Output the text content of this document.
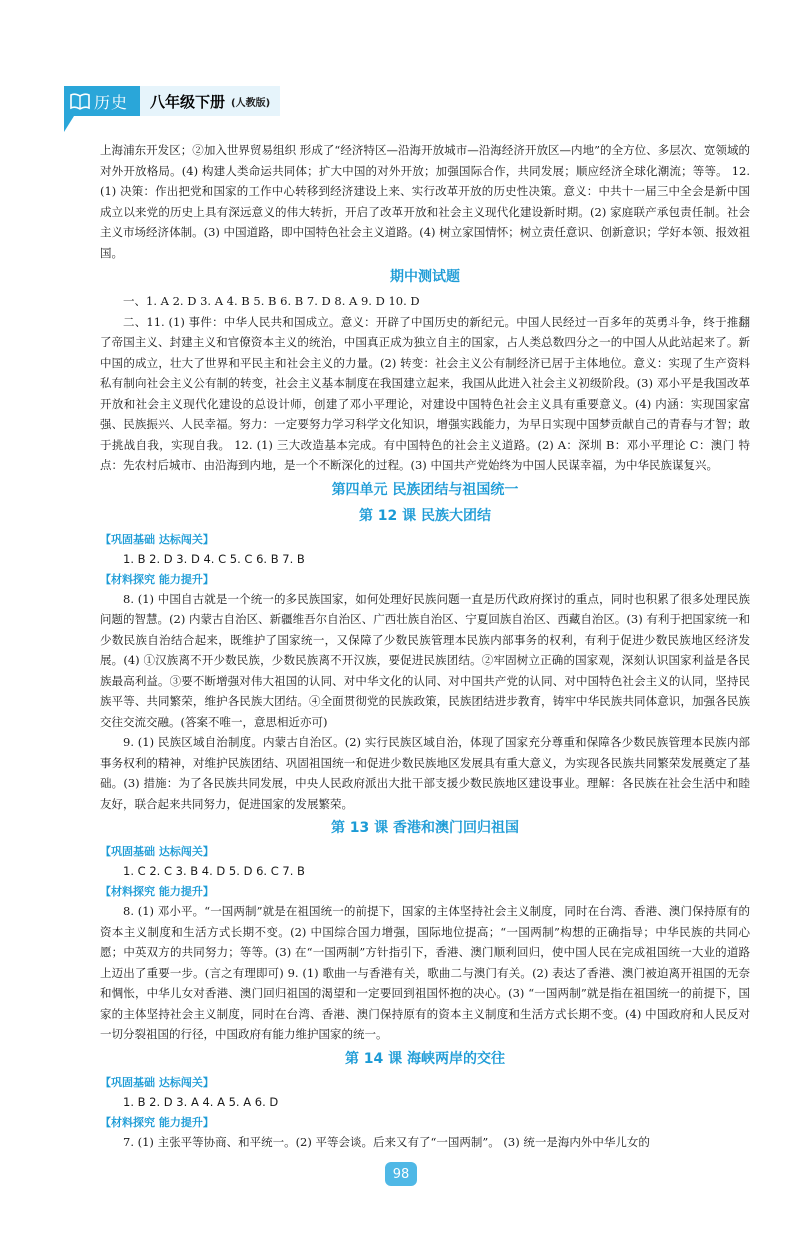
历史 八年级下册 (人教版)

上海浦东开发区；②加入世界贸易组织 形成了“经济特区—沿海开放城市—沿海经济开放区—内地”的全方位、多层次、宽领域的对外开放格局。(4) 构建人类命运共同体；扩大中国的对外开放；加强国际合作，共同发展；顺应经济全球化潮流；等等。 12. (1) 决策：作出把党和国家的工作中心转移到经济建设上来、实行改革开放的历史性决策。意义：中共十一届三中全会是新中国成立以来党的历史上具有深远意义的伟大转折，开启了改革开放和社会主义现代化建设新时期。(2) 家庭联产承包责任制。社会主义市场经济体制。(3) 中国道路，即中国特色社会主义道路。(4) 树立家国情怀；树立责任意识、创新意识；学好本领、报效祖国。

期中测试题

一、1. A 2. D 3. A 4. B 5. B 6. B 7. D 8. A 9. D 10. D

二、11. (1) 事件：中华人民共和国成立。意义：开辟了中国历史的新纪元。中国人民经过一百多年的英勇斗争，终于推翻了帝国主义、封建主义和官僚资本主义的统治，中国真正成为独立自主的国家，占人类总数四分之一的中国人从此站起来了。新中国的成立，壮大了世界和平民主和社会主义的力量。(2) 转变：社会主义公有制经济已居于主体地位。意义：实现了生产资料私有制向社会主义公有制的转变，社会主义基本制度在我国建立起来，我国从此进入社会主义初级阶段。(3) 邓小平是我国改革开放和社会主义现代化建设的总设计师，创建了邓小平理论，对建设中国特色社会主义具有重要意义。(4) 内涵：实现国家富强、民族振兴、人民幸福。努力：一定要努力学习科学文化知识，增强实践能力，为早日实现中国梦贡献自己的青春与才智；敢于挑战自我，实现自我。 12. (1) 三大改造基本完成。有中国特色的社会主义道路。(2) A：深圳 B：邓小平理论 C：澳门 特点：先农村后城市、由沿海到内地，是一个不断深化的过程。(3) 中国共产党始终为中国人民谋幸福，为中华民族谋复兴。

第四单元 民族团结与祖国统一
第 12 课 民族大团结
【巩固基础 达标闯关】
1. B 2. D 3. D 4. C 5. C 6. B 7. B
【材料探究 能力提升】

8. (1) 中国自古就是一个统一的多民族国家，如何处理好民族问题一直是历代政府探讨的重点，同时也积累了很多处理民族问题的智慧。(2) 内蒙古自治区、新疆维吾尔自治区、广西壮族自治区、宁夏回族自治区、西藏自治区。(3) 有利于把国家统一和少数民族自治结合起来，既维护了国家统一，又保障了少数民族管理本民族内部事务的权利，有利于促进少数民族地区经济发展。(4) ①汉族离不开少数民族，少数民族离不开汉族，要促进民族团结。②牢固树立正确的国家观，深刻认识国家利益是各民族最高利益。③要不断增强对伟大祖国的认同、对中华文化的认同、对中国共产党的认同、对中国特色社会主义的认同，坚持民族平等、共同繁荣，维护各民族大团结。④全面贯彻党的民族政策，民族团结进步教育，铸牢中华民族共同体意识，加强各民族交往交流交融。(答案不唯一，意思相近亦可)

9. (1) 民族区域自治制度。内蒙古自治区。(2) 实行民族区域自治，体现了国家充分尊重和保障各少数民族管理本民族内部事务权利的精神，对维护民族团结、巩固祖国统一和促进少数民族地区发展具有重大意义，为实现各民族共同繁荣发展奠定了基础。(3) 措施：为了各民族共同发展，中央人民政府派出大批干部支援少数民族地区建设事业。理解：各民族在社会生活中和睦友好，联合起来共同努力，促进国家的发展繁荣。

第 13 课 香港和澳门回归祖国
【巩固基础 达标闯关】
1. C 2. C 3. B 4. D 5. D 6. C 7. B
【材料探究 能力提升】

8. (1) 邓小平。“一国两制”就是在祖国统一的前提下，国家的主体坚持社会主义制度，同时在台湾、香港、澳门保持原有的资本主义制度和生活方式长期不变。(2) 中国综合国力增强，国际地位提高；“一国两制”构想的正确指导；中华民族的共同心愿；中英双方的共同努力；等等。(3) 在“一国两制”方针指引下，香港、澳门顺利回归，使中国人民在完成祖国统一大业的道路上迈出了重要一步。(言之有理即可) 9. (1) 歌曲一与香港有关，歌曲二与澳门有关。(2) 表达了香港、澳门被迫离开祖国的无奈和惆怅，中华儿女对香港、澳门回归祖国的渴望和一定要回到祖国怀抱的决心。(3) “一国两制”就是指在祖国统一的前提下，国家的主体坚持社会主义制度，同时在台湾、香港、澳门保持原有的资本主义制度和生活方式长期不变。(4) 中国政府和人民反对一切分裂祖国的行径，中国政府有能力维护国家的统一。

第 14 课 海峡两岸的交往
【巩固基础 达标闯关】
1. B 2. D 3. A 4. A 5. A 6. D
【材料探究 能力提升】

7. (1) 主张平等协商、和平统一。(2) 平等会谈。后来又有了“一国两制”。 (3) 统一是海内外中华儿女的

98
